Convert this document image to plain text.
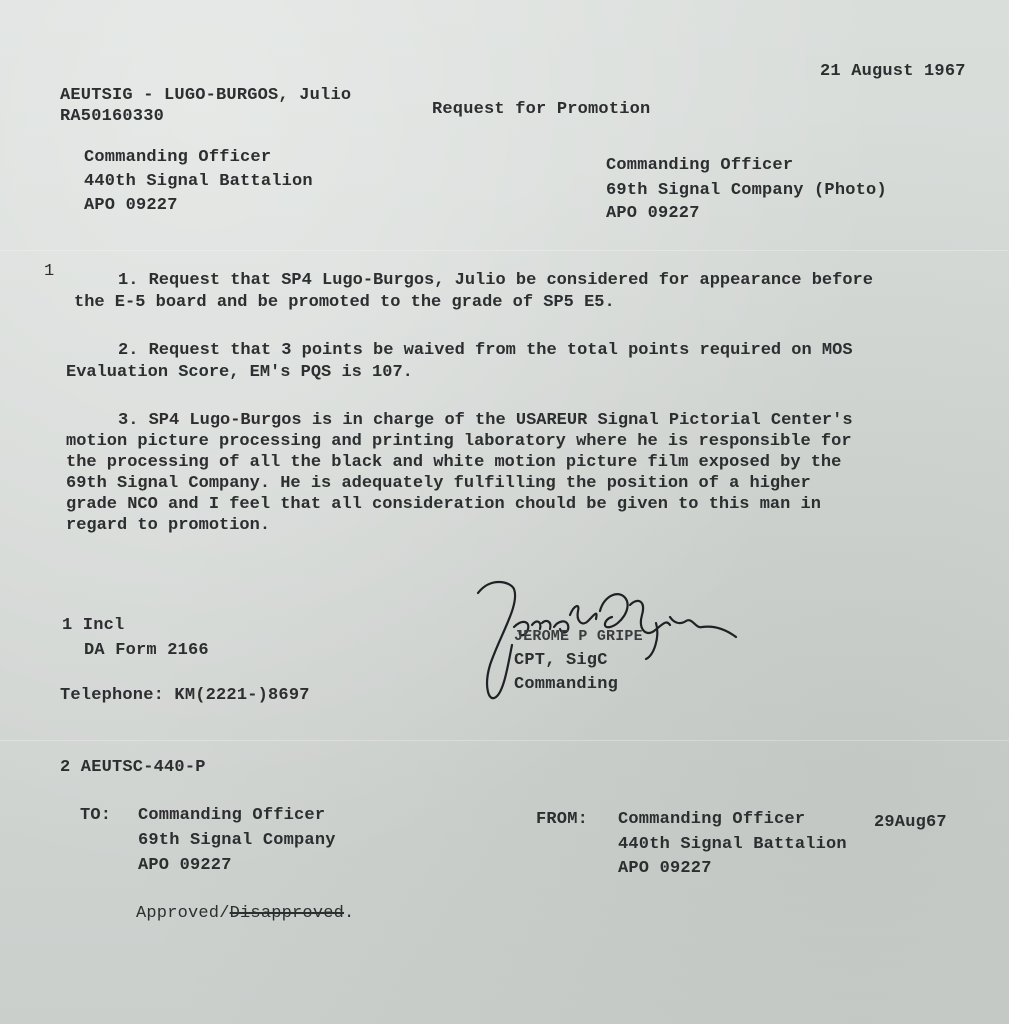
21 August 1967
AEUTSIG - LUGO-BURGOS, Julio
RA50160330	Request for Promotion
Commanding Officer
440th Signal Battalion
APO 09227
Commanding Officer
69th Signal Company (Photo)
APO 09227
1	1. Request that SP4 Lugo-Burgos, Julio be considered for appearance before
the E-5 board and be promoted to the grade of SP5 E5.
2. Request that 3 points be waived from the total points required on MOS
Evaluation Score, EM's PQS is 107.
3. SP4 Lugo-Burgos is in charge of the USAREUR Signal Pictorial Center's
motion picture processing and printing laboratory where he is responsible for
the processing of all the black and white motion picture film exposed by the
69th Signal Company. He is adequately fulfilling the position of a higher
grade NCO and I feel that all consideration chould be given to this man in
regard to promotion.
1 Incl
DA Form 2166
Telephone: KM(2221-)8697
JEROME P GRIPE
CPT, SigC
Commanding
2 AEUTSC-440-P
TO: Commanding Officer
69th Signal Company
APO 09227
FROM: Commanding Officer
440th Signal Battalion
APO 09227
29Aug67
Approved/Disapproved.
